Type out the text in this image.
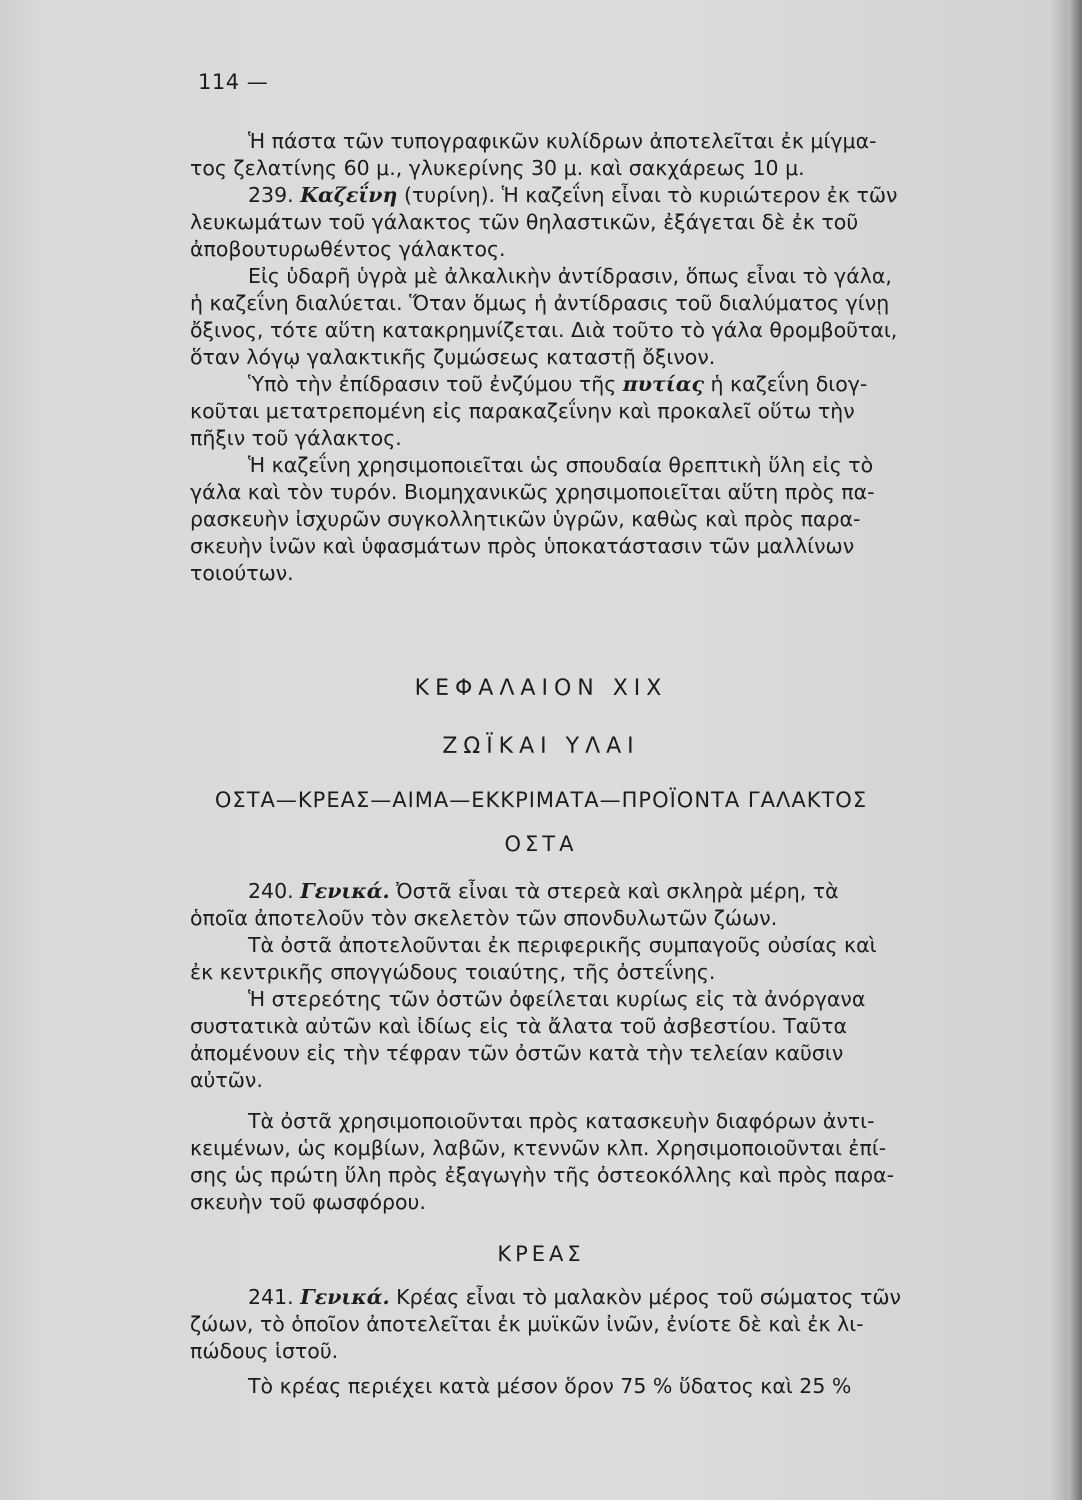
114 —
Ἡ πάστα τῶν τυπογραφικῶν κυλίδρων ἀποτελεῖται ἐκ μίγμα-
τος ζελατίνης 60 μ., γλυκερίνης 30 μ. καὶ σακχάρεως 10 μ.
239. Καζεΐνη (τυρίνη). Ἡ καζεΐνη εἶναι τὸ κυριώτερον ἐκ τῶν
λευκωμάτων τοῦ γάλακτος τῶν θηλαστικῶν, ἐξάγεται δὲ ἐκ τοῦ
ἀποβουτυρωθέντος γάλακτος.
Εἰς ὑδαρῆ ὑγρὰ μὲ ἀλκαλικὴν ἀντίδρασιν, ὅπως εἶναι τὸ γάλα,
ἡ καζεΐνη διαλύεται. Ὅταν ὅμως ἡ ἀντίδρασις τοῦ διαλύματος γίνῃ
ὄξινος, τότε αὕτη κατακρημνίζεται. Διὰ τοῦτο τὸ γάλα θρομβοῦται,
ὅταν λόγῳ γαλακτικῆς ζυμώσεως καταστῇ ὄξινον.
Ὑπὸ τὴν ἐπίδρασιν τοῦ ἐνζύμου τῆς πυτίας ἡ καζεΐνη διογ-
κοῦται μετατρεπομένη εἰς παρακαζεΐνην καὶ προκαλεῖ οὕτω τὴν
πῆξιν τοῦ γάλακτος.
Ἡ καζεΐνη χρησιμοποιεῖται ὡς σπουδαία θρεπτικὴ ὕλη εἰς τὸ
γάλα καὶ τὸν τυρόν. Βιομηχανικῶς χρησιμοποιεῖται αὕτη πρὸς πα-
ρασκευὴν ἰσχυρῶν συγκολλητικῶν ὑγρῶν, καθὼς καὶ πρὸς παρα-
σκευὴν ἰνῶν καὶ ὑφασμάτων πρὸς ὑποκατάστασιν τῶν μαλλίνων
τοιούτων.
ΚΕΦΑΛΑΙΟΝ XIX
ΖΩΪΚΑΙ ΥΛΑΙ
ΟΣΤΑ—ΚΡΕΑΣ—ΑΙΜΑ—ΕΚΚΡΙΜΑΤΑ—ΠΡΟΪΟΝΤΑ ΓΑΛΑΚΤΟΣ
ΟΣΤΑ
240. Γενικά. Ὀστᾶ εἶναι τὰ στερεὰ καὶ σκληρὰ μέρη, τὰ
ὁποῖα ἀποτελοῦν τὸν σκελετὸν τῶν σπονδυλωτῶν ζώων.
Τὰ ὀστᾶ ἀποτελοῦνται ἐκ περιφερικῆς συμπαγοῦς οὐσίας καὶ
ἐκ κεντρικῆς σπογγώδους τοιαύτης, τῆς ὀστεΐνης.
Ἡ στερεότης τῶν ὀστῶν ὀφείλεται κυρίως εἰς τὰ ἀνόργανα
συστατικὰ αὐτῶν καὶ ἰδίως εἰς τὰ ἄλατα τοῦ ἀσβεστίου. Ταῦτα
ἀπομένουν εἰς τὴν τέφραν τῶν ὀστῶν κατὰ τὴν τελείαν καῦσιν
αὐτῶν.
Τὰ ὀστᾶ χρησιμοποιοῦνται πρὸς κατασκευὴν διαφόρων ἀντι-
κειμένων, ὡς κομβίων, λαβῶν, κτεννῶν κλπ. Χρησιμοποιοῦνται ἐπί-
σης ὡς πρώτη ὕλη πρὸς ἐξαγωγὴν τῆς ὀστεοκόλλης καὶ πρὸς παρα-
σκευὴν τοῦ φωσφόρου.
ΚΡΕΑΣ
241. Γενικά. Κρέας εἶναι τὸ μαλακὸν μέρος τοῦ σώματος τῶν
ζώων, τὸ ὁποῖον ἀποτελεῖται ἐκ μυϊκῶν ἰνῶν, ἐνίοτε δὲ καὶ ἐκ λι-
πώδους ἱστοῦ.
Τὸ κρέας περιέχει κατὰ μέσον ὅρον 75 % ὕδατος καὶ 25 %
